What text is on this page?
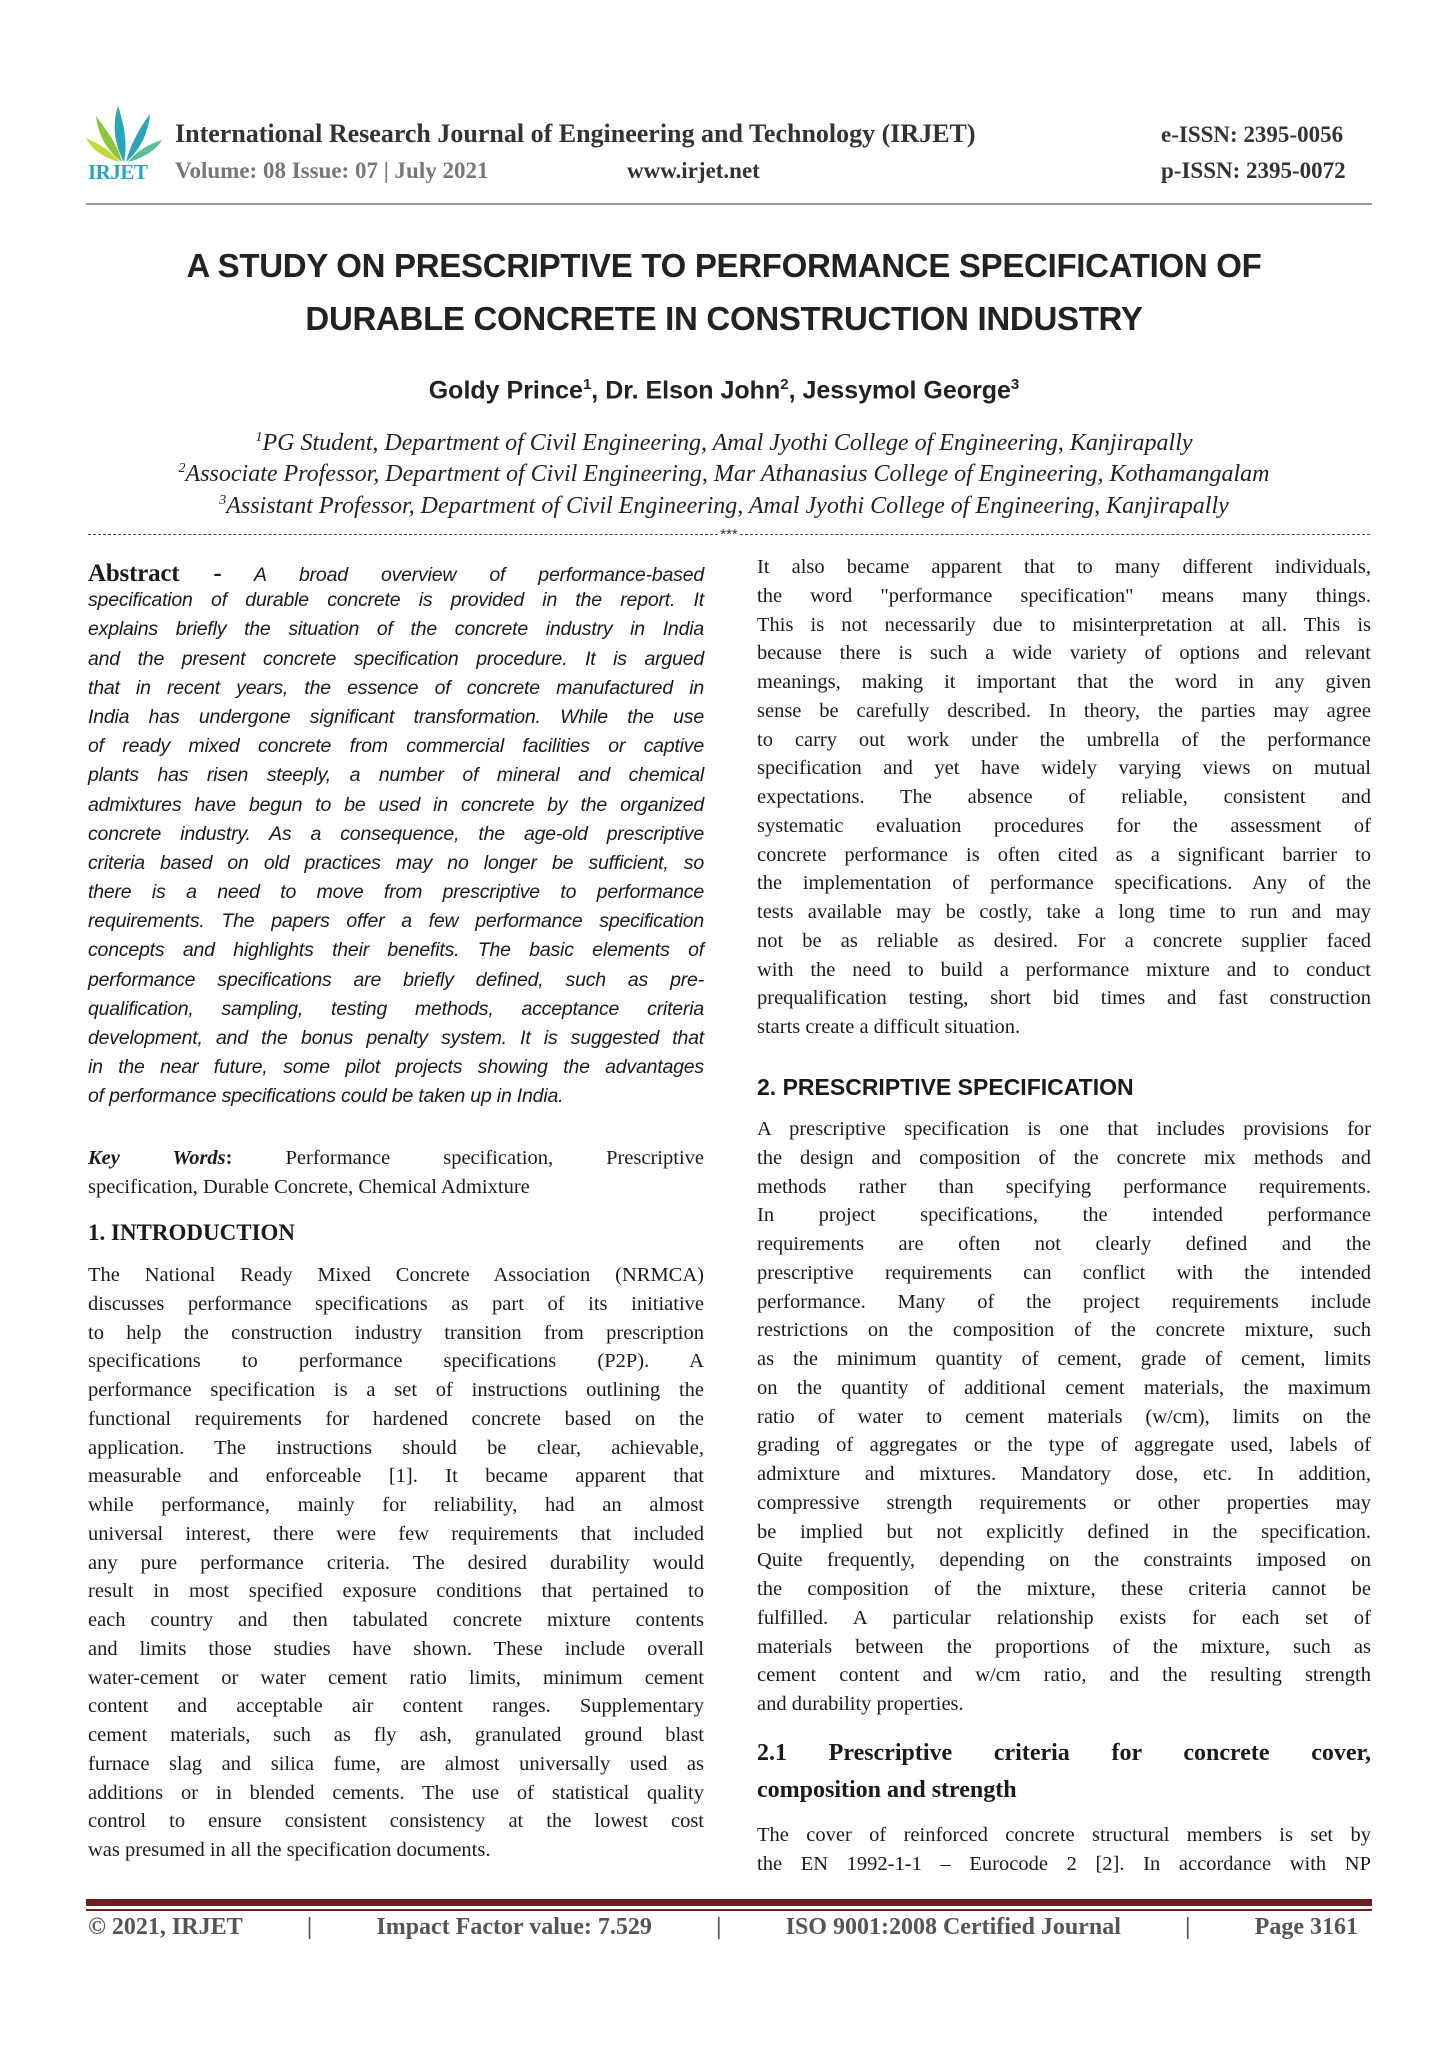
IRJET
International Research Journal of Engineering and Technology (IRJET)
Volume: 08 Issue: 07 | July 2021	www.irjet.net
e-ISSN: 2395-0056
p-ISSN: 2395-0072
A STUDY ON PRESCRIPTIVE TO PERFORMANCE SPECIFICATION OF
DURABLE CONCRETE IN CONSTRUCTION INDUSTRY
Goldy Prince$^1$, Dr. Elson John$^2$, Jessymol George$^3$
$^1$PG Student, Department of Civil Engineering, Amal Jyothi College of Engineering, Kanjirapally
$^2$Associate Professor, Department of Civil Engineering, Mar Athanasius College of Engineering, Kothamangalam
$^3$Assistant Professor, Department of Civil Engineering, Amal Jyothi College of Engineering, Kanjirapally
***
Abstract - A broad overview of performance-based
specification of durable concrete is provided in the report. It
explains briefly the situation of the concrete industry in India
and the present concrete specification procedure. It is argued
that in recent years, the essence of concrete manufactured in
India has undergone significant transformation. While the use
of ready mixed concrete from commercial facilities or captive
plants has risen steeply, a number of mineral and chemical
admixtures have begun to be used in concrete by the organized
concrete industry. As a consequence, the age-old prescriptive
criteria based on old practices may no longer be sufficient, so
there is a need to move from prescriptive to performance
requirements. The papers offer a few performance specification
concepts and highlights their benefits. The basic elements of
performance specifications are briefly defined, such as pre-
qualification, sampling, testing methods, acceptance criteria
development, and the bonus penalty system. It is suggested that
in the near future, some pilot projects showing the advantages
of performance specifications could be taken up in India.
Key Words:	Performance specification, Prescriptive
specification, Durable Concrete, Chemical Admixture
1. INTRODUCTION
The National Ready Mixed Concrete Association (NRMCA)
discusses performance specifications as part of its initiative
to help the construction industry transition from prescription
specifications to performance specifications (P2P). A
performance specification is a set of instructions outlining the
functional requirements for hardened concrete based on the
application. The instructions should be clear, achievable,
measurable and enforceable [1]. It became apparent that
while performance, mainly for reliability, had an almost
universal interest, there were few requirements that included
any pure performance criteria. The desired durability would
result in most specified exposure conditions that pertained to
each country and then tabulated concrete mixture contents
and limits those studies have shown. These include overall
water-cement or water cement ratio limits, minimum cement
content and acceptable air content ranges. Supplementary
cement materials, such as fly ash, granulated ground blast
furnace slag and silica fume, are almost universally used as
additions or in blended cements. The use of statistical quality
control to ensure consistent consistency at the lowest cost
was presumed in all the specification documents.
It also became apparent that to many different individuals,
the word "performance specification" means many things.
This is not necessarily due to misinterpretation at all. This is
because there is such a wide variety of options and relevant
meanings, making it important that the word in any given
sense be carefully described. In theory, the parties may agree
to carry out work under the umbrella of the performance
specification and yet have widely varying views on mutual
expectations. The absence of reliable, consistent and
systematic evaluation procedures for the assessment of
concrete performance is often cited as a significant barrier to
the implementation of performance specifications. Any of the
tests available may be costly, take a long time to run and may
not be as reliable as desired. For a concrete supplier faced
with the need to build a performance mixture and to conduct
prequalification testing, short bid times and fast construction
starts create a difficult situation.
2. PRESCRIPTIVE SPECIFICATION
A prescriptive specification is one that includes provisions for
the design and composition of the concrete mix methods and
methods rather than specifying performance requirements.
In project specifications, the intended performance
requirements are often not clearly defined and the
prescriptive requirements can conflict with the intended
performance. Many of the project requirements include
restrictions on the composition of the concrete mixture, such
as the minimum quantity of cement, grade of cement, limits
on the quantity of additional cement materials, the maximum
ratio of water to cement materials (w/cm), limits on the
grading of aggregates or the type of aggregate used, labels of
admixture and mixtures. Mandatory dose, etc. In addition,
compressive strength requirements or other properties may
be implied but not explicitly defined in the specification.
Quite frequently, depending on the constraints imposed on
the composition of the mixture, these criteria cannot be
fulfilled. A particular relationship exists for each set of
materials between the proportions of the mixture, such as
cement content and w/cm ratio, and the resulting strength
and durability properties.
2.1 Prescriptive criteria for concrete cover,
composition and strength
The cover of reinforced concrete structural members is set by
the EN 1992-1-1 – Eurocode 2 [2]. In accordance with NP
© 2021, IRJET	|	Impact Factor value: 7.529	|	ISO 9001:2008 Certified Journal	|	Page 3161
